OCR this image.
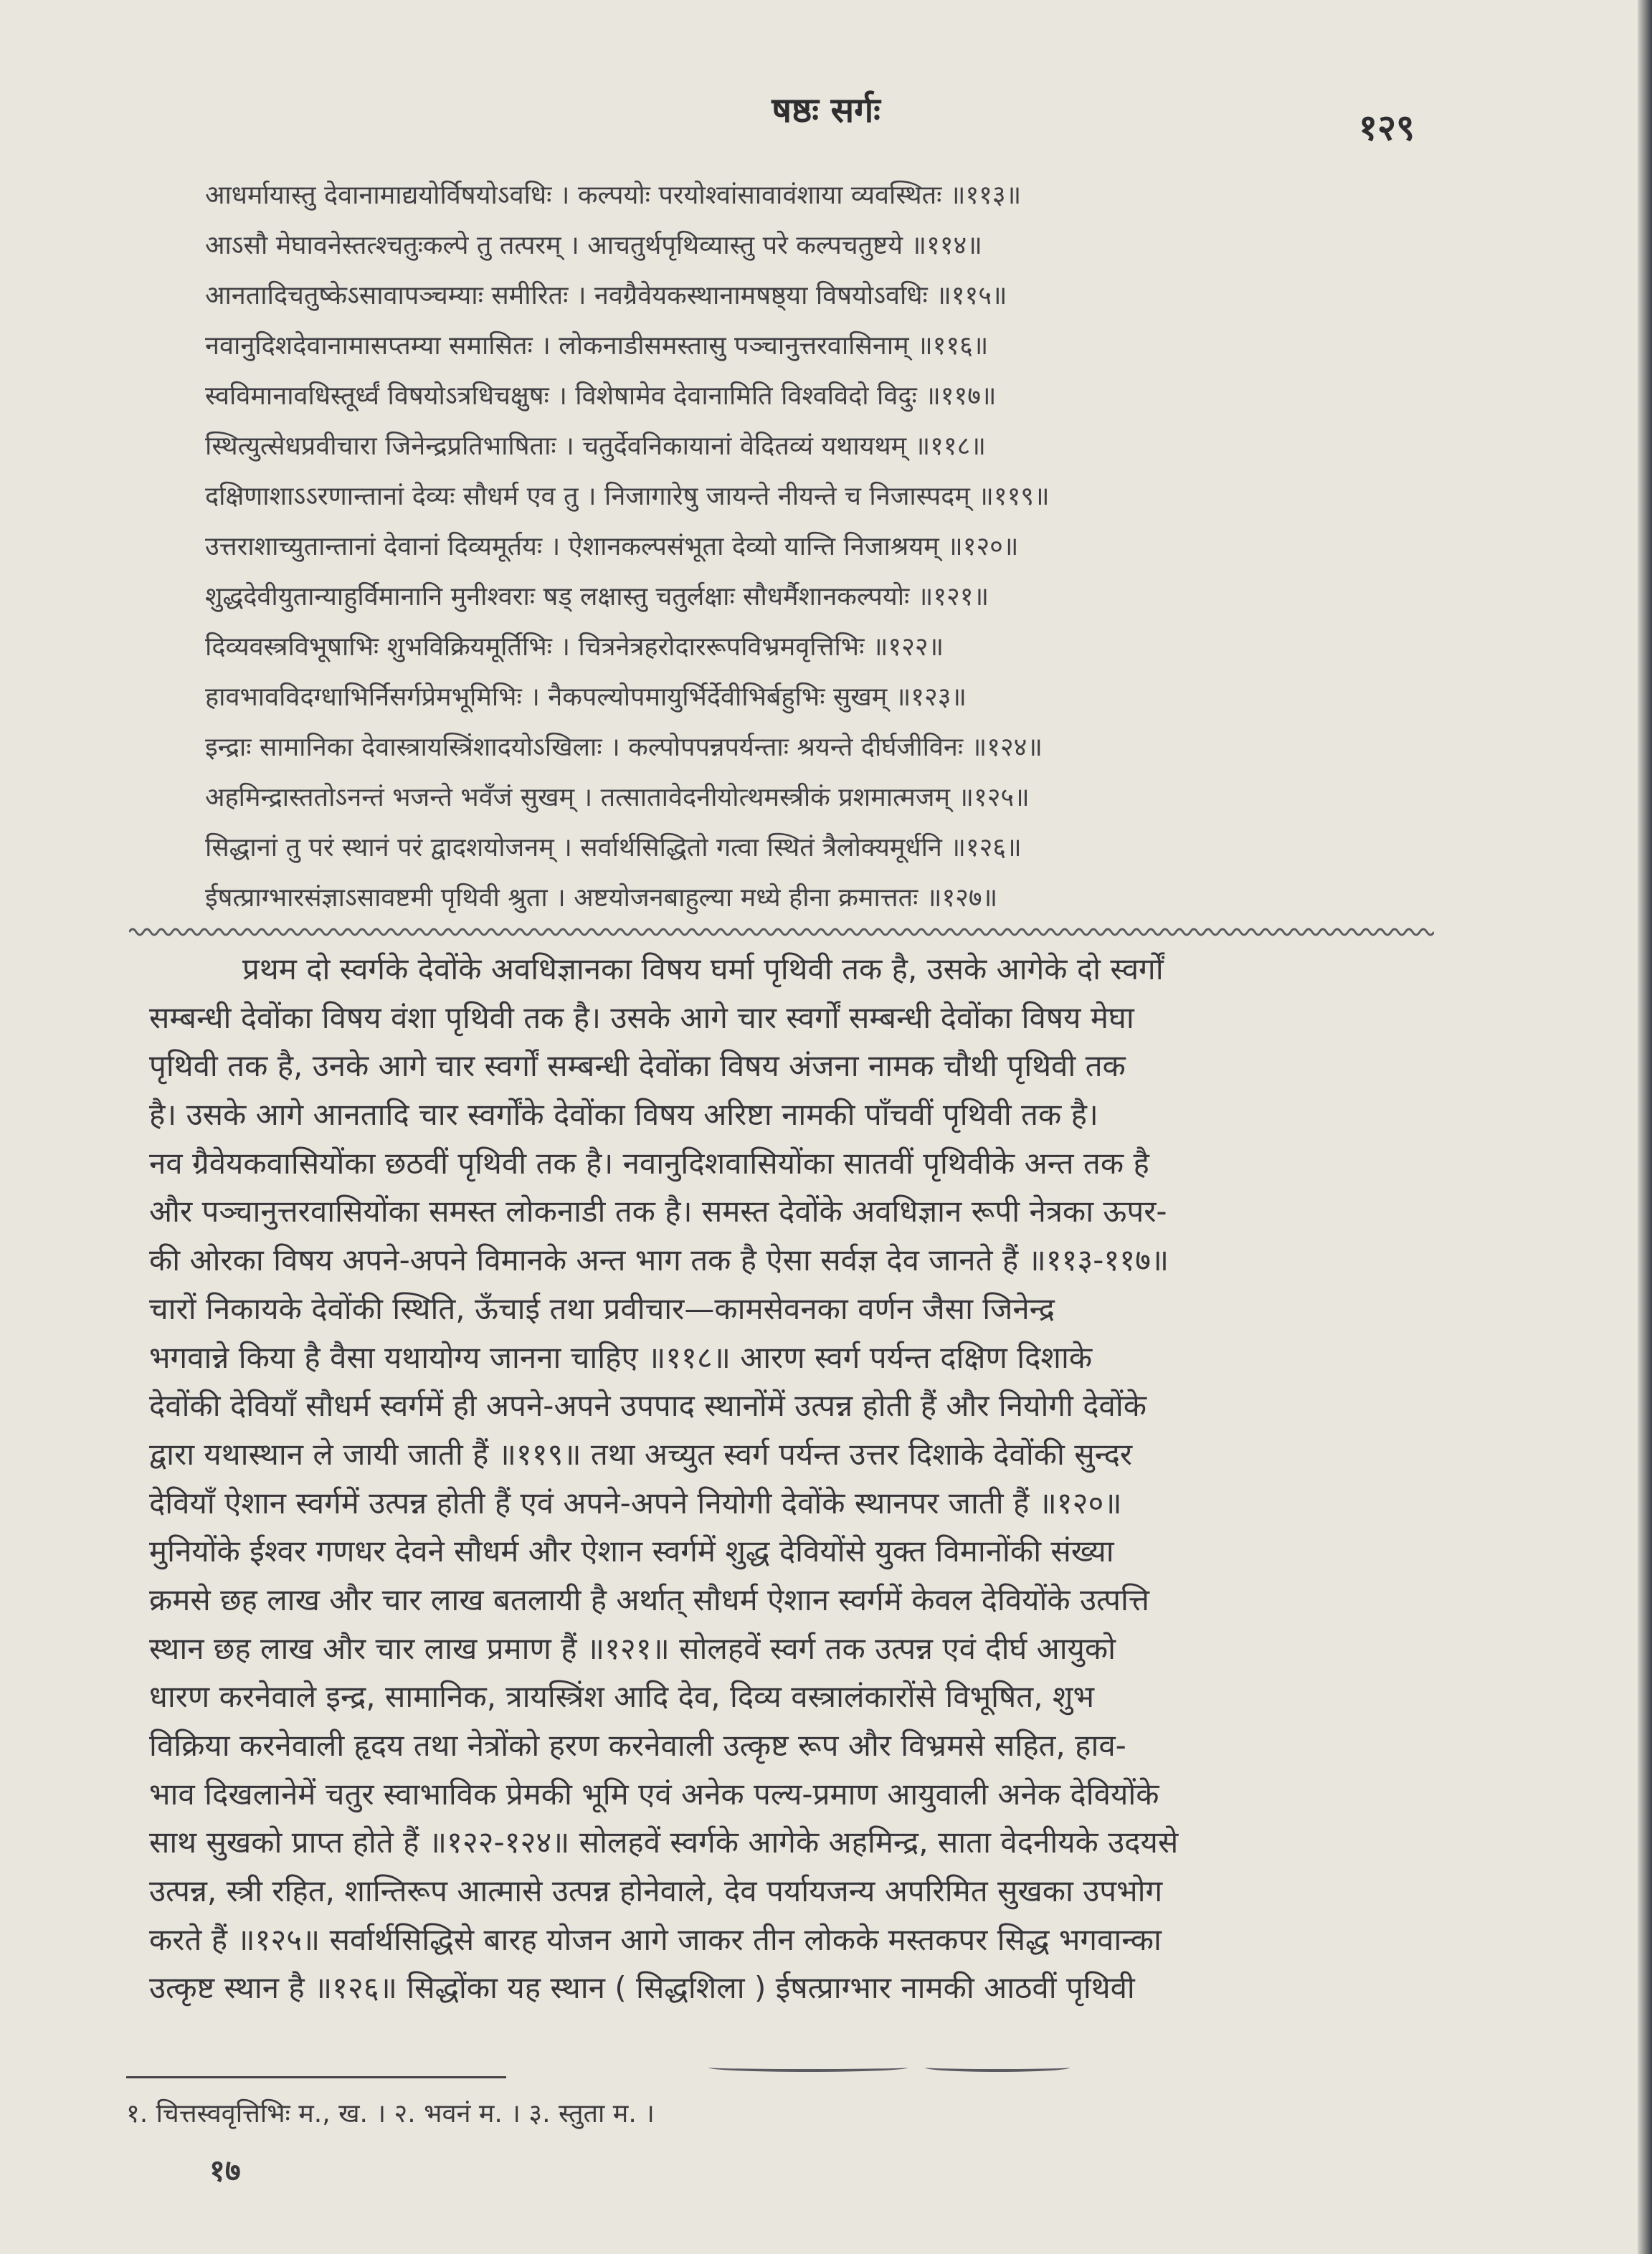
षष्ठः सर्गः	१२९
आधर्मायास्तु देवानामाद्ययोर्विषयोऽवधिः । कल्पयोः परयोश्वांसावावंशाया व्यवस्थितः ॥११३॥
आऽसौ मेघावनेस्तत्श्चतुःकल्पे तु तत्परम् । आचतुर्थपृथिव्यास्तु परे कल्पचतुष्टये ॥११४॥
आनतादिचतुष्केऽसावापञ्चम्याः समीरितः । नवग्रैवेयकस्थानामषष्ठ्या विषयोऽवधिः ॥११५॥
नवानुदिशदेवानामासप्तम्या समासितः । लोकनाडीसमस्तासु पञ्चानुत्तरवासिनाम् ॥११६॥
स्वविमानावधिस्तूर्ध्वं विषयोऽत्रधिचक्षुषः । विशेषामेव देवानामिति विश्वविदो विदुः ॥११७॥
स्थित्युत्सेधप्रवीचारा जिनेन्द्रप्रतिभाषिताः । चतुर्देवनिकायानां वेदितव्यं यथायथम् ॥११८॥
दक्षिणाशाऽऽरणान्तानां देव्यः सौधर्म एव तु । निजागारेषु जायन्ते नीयन्ते च निजास्पदम् ॥११९॥
उत्तराशाच्युतान्तानां देवानां दिव्यमूर्तयः । ऐशानकल्पसंभूता देव्यो यान्ति निजाश्रयम् ॥१२०॥
शुद्धदेवीयुतान्याहुर्विमानानि मुनीश्वराः षड् लक्षास्तु चतुर्लक्षाः सौधर्मैशानकल्पयोः ॥१२१॥
दिव्यवस्त्रविभूषाभिः शुभविक्रियमूर्तिभिः । चित्रनेत्रहरोदाररूपविभ्रमवृत्तिभिः ॥१२२॥
हावभावविदग्धाभिर्निसर्गप्रेमभूमिभिः । नैकपल्योपमायुर्भिर्देवीभिर्बहुभिः सुखम् ॥१२३॥
इन्द्राः सामानिका देवास्त्रायस्त्रिंशादयोऽखिलाः । कल्पोपपन्नपर्यन्ताः श्रयन्ते दीर्घजीविनः ॥१२४॥
अहमिन्द्रास्ततोऽनन्तं भजन्ते भवँजं सुखम् । तत्सातावेदनीयोत्थमस्त्रीकं प्रशमात्मजम् ॥१२५॥
सिद्धानां तु परं स्थानं परं द्वादशयोजनम् । सर्वार्थसिद्धितो गत्वा स्थितं त्रैलोक्यमूर्धनि ॥१२६॥
ईषत्प्राग्भारसंज्ञाऽसावष्टमी पृथिवी श्रुता । अष्टयोजनबाहुल्या मध्ये हीना क्रमात्ततः ॥१२७॥
प्रथम दो स्वर्गके देवोंके अवधिज्ञानका विषय घर्मा पृथिवी तक है, उसके आगेके दो स्वर्गों
सम्बन्धी देवोंका विषय वंशा पृथिवी तक है। उसके आगे चार स्वर्गों सम्बन्धी देवोंका विषय मेघा
पृथिवी तक है, उनके आगे चार स्वर्गों सम्बन्धी देवोंका विषय अंजना नामक चौथी पृथिवी तक
है। उसके आगे आनतादि चार स्वर्गोंके देवोंका विषय अरिष्टा नामकी पाँचवीं पृथिवी तक है।
नव ग्रैवेयकवासियोंका छठवीं पृथिवी तक है। नवानुदिशवासियोंका सातवीं पृथिवीके अन्त तक है
और पञ्चानुत्तरवासियोंका समस्त लोकनाडी तक है। समस्त देवोंके अवधिज्ञान रूपी नेत्रका ऊपर-
की ओरका विषय अपने-अपने विमानके अन्त भाग तक है ऐसा सर्वज्ञ देव जानते हैं ॥११३-११७॥
चारों निकायके देवोंकी स्थिति, ऊँचाई तथा प्रवीचार—कामसेवनका वर्णन जैसा जिनेन्द्र
भगवान्ने किया है वैसा यथायोग्य जानना चाहिए ॥११८॥ आरण स्वर्ग पर्यन्त दक्षिण दिशाके
देवोंकी देवियाँ सौधर्म स्वर्गमें ही अपने-अपने उपपाद स्थानोंमें उत्पन्न होती हैं और नियोगी देवोंके
द्वारा यथास्थान ले जायी जाती हैं ॥११९॥ तथा अच्युत स्वर्ग पर्यन्त उत्तर दिशाके देवोंकी सुन्दर
देवियाँ ऐशान स्वर्गमें उत्पन्न होती हैं एवं अपने-अपने नियोगी देवोंके स्थानपर जाती हैं ॥१२०॥
मुनियोंके ईश्वर गणधर देवने सौधर्म और ऐशान स्वर्गमें शुद्ध देवियोंसे युक्त विमानोंकी संख्या
क्रमसे छह लाख और चार लाख बतलायी है अर्थात् सौधर्म ऐशान स्वर्गमें केवल देवियोंके उत्पत्ति
स्थान छह लाख और चार लाख प्रमाण हैं ॥१२१॥ सोलहवें स्वर्ग तक उत्पन्न एवं दीर्घ आयुको
धारण करनेवाले इन्द्र, सामानिक, त्रायस्त्रिंश आदि देव, दिव्य वस्त्रालंकारोंसे विभूषित, शुभ
विक्रिया करनेवाली हृदय तथा नेत्रोंको हरण करनेवाली उत्कृष्ट रूप और विभ्रमसे सहित, हाव-
भाव दिखलानेमें चतुर स्वाभाविक प्रेमकी भूमि एवं अनेक पल्य-प्रमाण आयुवाली अनेक देवियोंके
साथ सुखको प्राप्त होते हैं ॥१२२-१२४॥ सोलहवें स्वर्गके आगेके अहमिन्द्र, साता वेदनीयके उदयसे
उत्पन्न, स्त्री रहित, शान्तिरूप आत्मासे उत्पन्न होनेवाले, देव पर्यायजन्य अपरिमित सुखका उपभोग
करते हैं ॥१२५॥ सर्वार्थसिद्धिसे बारह योजन आगे जाकर तीन लोकके मस्तकपर सिद्ध भगवान्का
उत्कृष्ट स्थान है ॥१२६॥ सिद्धोंका यह स्थान ( सिद्धशिला ) ईषत्प्राग्भार नामकी आठवीं पृथिवी
१. चित्तस्ववृत्तिभिः म., ख. । २. भवनं म. । ३. स्तुता म. ।
१७
